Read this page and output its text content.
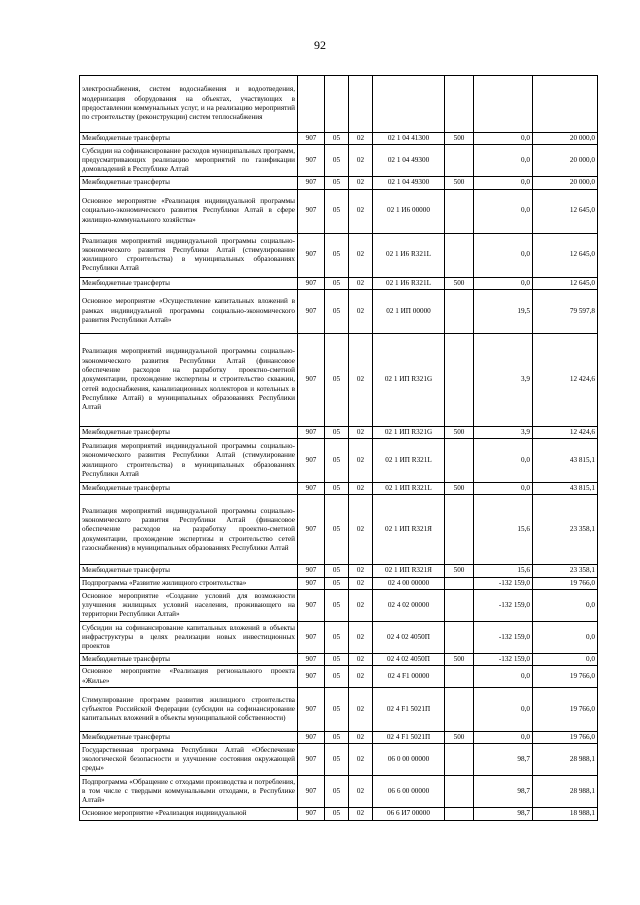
92
электроснабжения, систем водоснабжения и водоотведения, модернизация оборудования на объектах, участвующих в предоставлении коммунальных услуг, и на реализацию мероприятий по строительству (реконструкции) систем теплоснабжения							
Межбюджетные трансферты	907	05	02	02 1 04 41300	500	0,0	20 000,0
Субсидии на софинансирование расходов муниципальных программ, предусматривающих реализацию мероприятий по газификации домовладений в Республике Алтай	907	05	02	02 1 04 49300		0,0	20 000,0
Межбюджетные трансферты	907	05	02	02 1 04 49300	500	0,0	20 000,0
Основное мероприятие «Реализация индивидуальной программы социально-экономического развития Республики Алтай в сфере жилищно-коммунального хозяйства»	907	05	02	02 1 И6 00000		0,0	12 645,0
Реализация мероприятий индивидуальной программы социально-экономического развития Республики Алтай (стимулирование жилищного строительства) в муниципальных образованиях Республики Алтай	907	05	02	02 1 И6 R321L		0,0	12 645,0
Межбюджетные трансферты	907	05	02	02 1 И6 R321L	500	0,0	12 645,0
Основное мероприятие «Осуществление капитальных вложений в рамках индивидуальной программы социально-экономического развития Республики Алтай»	907	05	02	02 1 ИП 00000		19,5	79 597,8
Реализация мероприятий индивидуальной программы социально-экономического развития Республики Алтай (финансовое обеспечение расходов на разработку проектно-сметной документации, прохождение экспертизы и строительство скважин, сетей водоснабжения, канализационных коллекторов и котельных в Республике Алтай) в муниципальных образованиях Республики Алтай	907	05	02	02 1 ИП R321G		3,9	12 424,6
Межбюджетные трансферты	907	05	02	02 1 ИП R321G	500	3,9	12 424,6
Реализация мероприятий индивидуальной программы социально-экономического развития Республики Алтай (стимулирование жилищного строительства) в муниципальных образованиях Республики Алтай	907	05	02	02 1 ИП R321L		0,0	43 815,1
Межбюджетные трансферты	907	05	02	02 1 ИП R321L	500	0,0	43 815,1
Реализация мероприятий индивидуальной программы социально-экономического развития Республики Алтай (финансовое обеспечение расходов на разработку проектно-сметной документации, прохождение экспертизы и строительство сетей газоснабжения) в муниципальных образованиях Республики Алтай	907	05	02	02 1 ИП R321Я		15,6	23 358,1
Межбюджетные трансферты	907	05	02	02 1 ИП R321Я	500	15,6	23 358,1
Подпрограмма «Развитие жилищного строительства»	907	05	02	02 4 00 00000		-132 159,0	19 766,0
Основное мероприятие «Создание условий для возможности улучшения жилищных условий населения, проживающего на территории Республики Алтай»	907	05	02	02 4 02 00000		-132 159,0	0,0
Субсидии на софинансирование капитальных вложений в объекты инфраструктуры в целях реализации новых инвестиционных проектов	907	05	02	02 4 02 4050П		-132 159,0	0,0
Межбюджетные трансферты	907	05	02	02 4 02 4050П	500	-132 159,0	0,0
Основное мероприятие «Реализация регионального проекта «Жилье»	907	05	02	02 4 F1 00000		0,0	19 766,0
Стимулирование программ развития жилищного строительства субъектов Российской Федерации (субсидии на софинансирование капитальных вложений в объекты муниципальной собственности)	907	05	02	02 4 F1 5021П		0,0	19 766,0
Межбюджетные трансферты	907	05	02	02 4 F1 5021П	500	0,0	19 766,0
Государственная программа Республики Алтай «Обеспечение экологической безопасности и улучшение состояния окружающей среды»	907	05	02	06 0 00 00000		98,7	28 988,1
Подпрограмма «Обращение с отходами производства и потребления, в том числе с твердыми коммунальными отходами, в Республике Алтай»	907	05	02	06 6 00 00000		98,7	28 988,1
Основное мероприятие «Реализация индивидуальной	907	05	02	06 6 И7 00000		98,7	18 988,1
